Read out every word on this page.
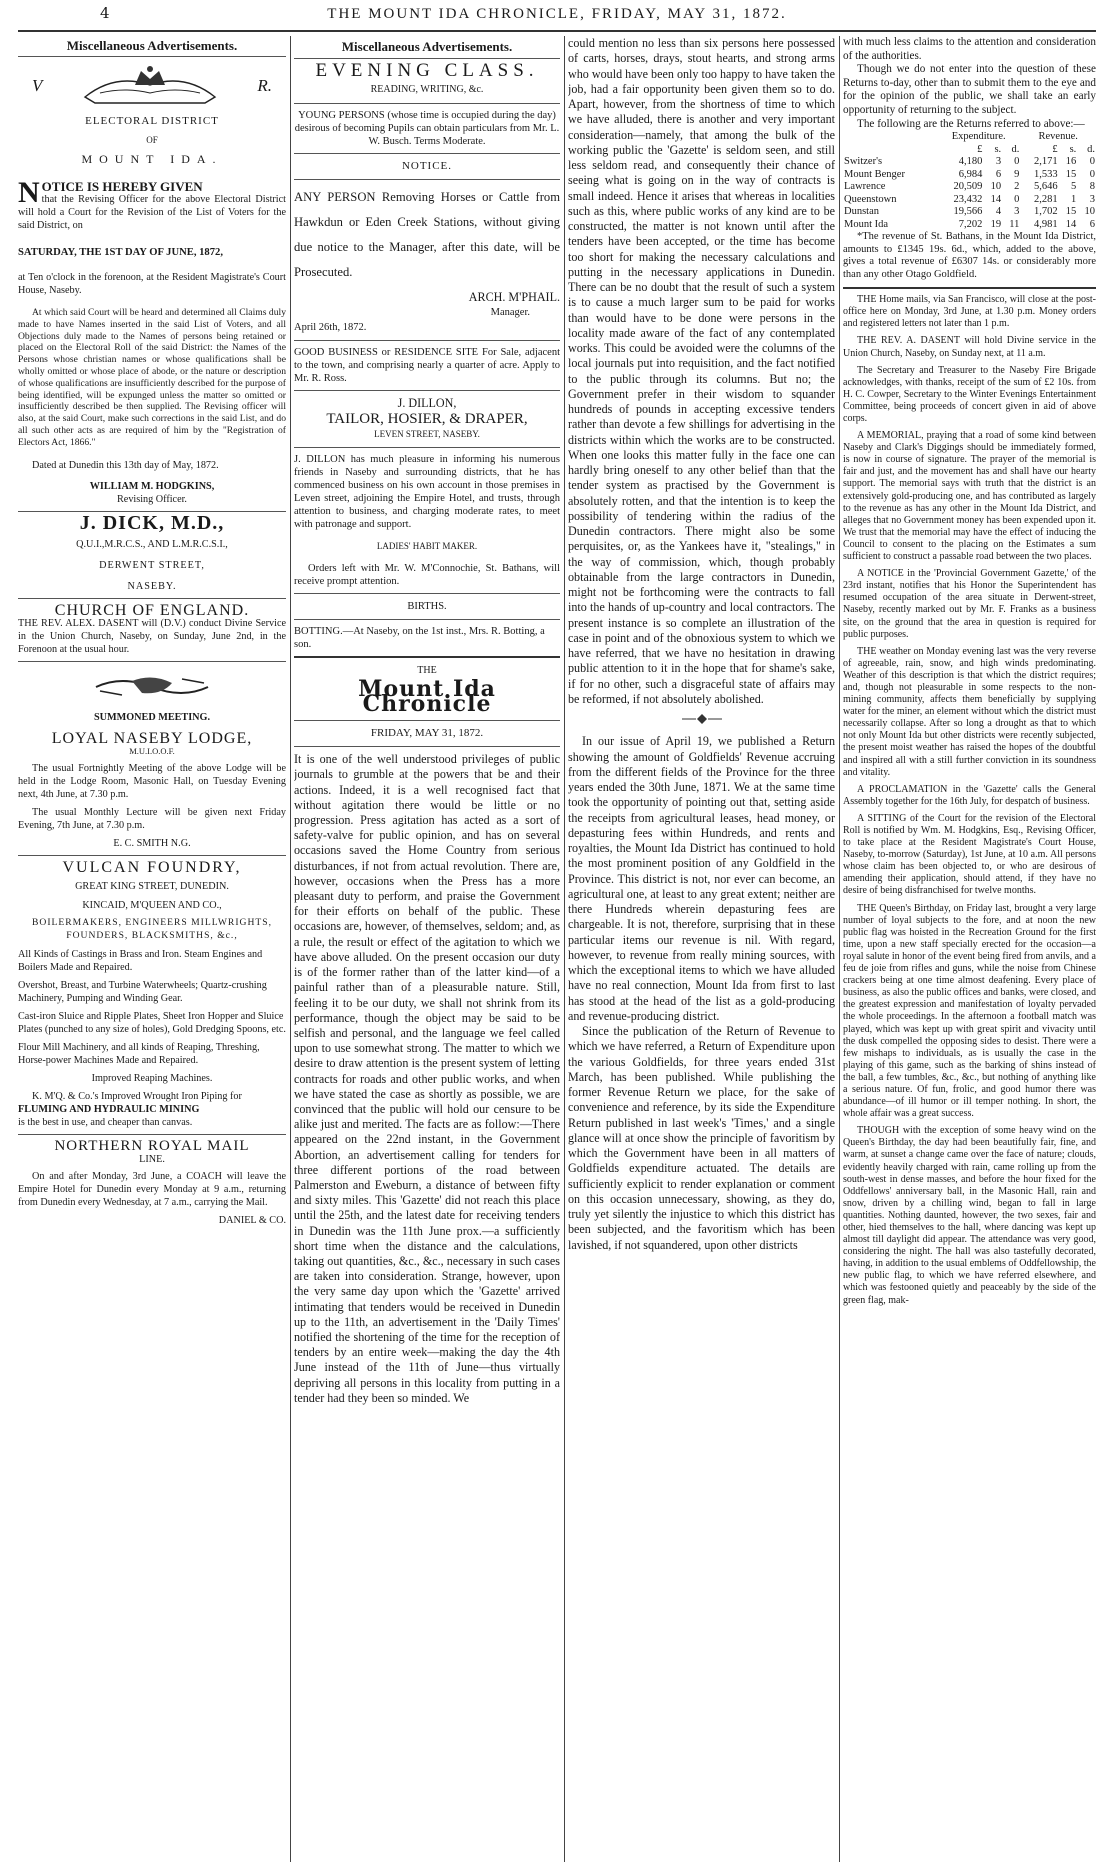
4	THE MOUNT IDA CHRONICLE, FRIDAY, MAY 31, 1872.
Miscellaneous Advertisements.
V	R.
ELECTORAL DISTRICT
OF
MOUNT IDA.
NOTICE IS HEREBY GIVEN

that the Revising Officer for the above Electoral District will hold a Court for the Revision of the List of Voters for the said District, on

SATURDAY, THE 1ST DAY OF JUNE, 1872,

at Ten o'clock in the forenoon, at the Resident Magistrate's Court House, Naseby.

At which said Court will be heard and determined all Claims duly made to have Names inserted in the said List of Voters, and all Objections duly made to the Names of persons being retained or placed on the Electoral Roll of the said District: the Names of the Persons whose christian names or whose qualifications shall be wholly omitted or whose place of abode, or the nature or description of whose qualifications are insufficiently described for the purpose of being identified, will be expunged unless the matter so omitted or insufficiently described be then supplied. The Revising officer will also, at the said Court, make such corrections in the said List, and do all such other acts as are required of him by the "Registration of Electors Act, 1866."

Dated at Dunedin this 13th day of May, 1872.

WILLIAM M. HODGKINS,

Revising Officer.

J. DICK, M.D.,
Q.U.I.,M.R.C.S., AND L.M.R.C.S.I.,
DERWENT STREET,
NASEBY.
CHURCH OF ENGLAND.

THE REV. ALEX. DASENT will (D.V.) conduct Divine Service in the Union Church, Naseby, on Sunday, June 2nd, in the Forenoon at the usual hour.

SUMMONED MEETING.
LOYAL NASEBY LODGE,
M.U.I.O.O.F.

The usual Fortnightly Meeting of the above Lodge will be held in the Lodge Room, Masonic Hall, on Tuesday Evening next, 4th June, at 7.30 p.m.

The usual Monthly Lecture will be given next Friday Evening, 7th June, at 7.30 p.m.

E. C. SMITH N.G.

VULCAN FOUNDRY,
GREAT KING STREET, DUNEDIN.
KINCAID, M'QUEEN AND CO.,
BOILERMAKERS, ENGINEERS MILLWRIGHTS, FOUNDERS, BLACKSMITHS, &c.,

All Kinds of Castings in Brass and Iron. Steam Engines and Boilers Made and Repaired.

Overshot, Breast, and Turbine Waterwheels; Quartz-crushing Machinery, Pumping and Winding Gear.

Cast-iron Sluice and Ripple Plates, Sheet Iron Hopper and Sluice Plates (punched to any size of holes), Gold Dredging Spoons, etc.

Flour Mill Machinery, and all kinds of Reaping, Threshing, Horse-power Machines Made and Repaired.

Improved Reaping Machines.

K. M'Q. & Co.'s Improved Wrought Iron Piping for

FLUMING AND HYDRAULIC MINING

is the best in use, and cheaper than canvas.

NORTHERN ROYAL MAIL
LINE.

On and after Monday, 3rd June, a COACH will leave the Empire Hotel for Dunedin every Monday at 9 a.m., returning from Dunedin every Wednesday, at 7 a.m., carrying the Mail.

DANIEL & CO.

Miscellaneous Advertisements.
EVENING CLASS.
READING, WRITING, &c.

YOUNG PERSONS (whose time is occupied during the day) desirous of becoming Pupils can obtain particulars from Mr. L. W. Busch. Terms Moderate.

NOTICE.

ANY PERSON Removing Horses or Cattle from Hawkdun or Eden Creek Stations, without giving due notice to the Manager, after this date, will be Prosecuted.

ARCH. M'PHAIL.

Manager.

April 26th, 1872.

GOOD BUSINESS or RESIDENCE SITE For Sale, adjacent to the town, and comprising nearly a quarter of acre. Apply to Mr. R. Ross.

J. DILLON,
TAILOR, HOSIER, & DRAPER,
LEVEN STREET, NASEBY.

J. DILLON has much pleasure in informing his numerous friends in Naseby and surrounding districts, that he has commenced business on his own account in those premises in Leven street, adjoining the Empire Hotel, and trusts, through attention to business, and charging moderate rates, to meet with patronage and support.

LADIES' HABIT MAKER.

Orders left with Mr. W. M'Connochie, St. Bathans, will receive prompt attention.

BIRTHS.

BOTTING.—At Naseby, on the 1st inst., Mrs. R. Botting, a son.

THE
Mount Ida Chronicle
FRIDAY, MAY 31, 1872.

It is one of the well understood privileges of public journals to grumble at the powers that be and their actions. Indeed, it is a well recognised fact that without agitation there would be little or no progression. Press agitation has acted as a sort of safety-valve for public opinion, and has on several occasions saved the Home Country from serious disturbances, if not from actual revolution. There are, however, occasions when the Press has a more pleasant duty to perform, and praise the Government for their efforts on behalf of the public. These occasions are, however, of themselves, seldom; and, as a rule, the result or effect of the agitation to which we have above alluded. On the present occasion our duty is of the former rather than of the latter kind—of a painful rather than of a pleasurable nature. Still, feeling it to be our duty, we shall not shrink from its performance, though the object may be said to be selfish and personal, and the language we feel called upon to use somewhat strong. The matter to which we desire to draw attention is the present system of letting contracts for roads and other public works, and when we have stated the case as shortly as possible, we are convinced that the public will hold our censure to be alike just and merited. The facts are as follow:—There appeared on the 22nd instant, in the Government Abortion, an advertisement calling for tenders for three different portions of the road between Palmerston and Eweburn, a distance of between fifty and sixty miles. This 'Gazette' did not reach this place until the 25th, and the latest date for receiving tenders in Dunedin was the 11th June prox.—a sufficiently short time when the distance and the calculations, taking out quantities, &c., &c., necessary in such cases are taken into consideration. Strange, however, upon the very same day upon which the 'Gazette' arrived intimating that tenders would be received in Dunedin up to the 11th, an advertisement in the 'Daily Times' notified the shortening of the time for the reception of tenders by an entire week—making the day the 4th June instead of the 11th of June—thus virtually depriving all persons in this locality from putting in a tender had they been so minded. We

could mention no less than six persons here possessed of carts, horses, drays, stout hearts, and strong arms who would have been only too happy to have taken the job, had a fair opportunity been given them so to do. Apart, however, from the shortness of time to which we have alluded, there is another and very important consideration—namely, that among the bulk of the working public the 'Gazette' is seldom seen, and still less seldom read, and consequently their chance of seeing what is going on in the way of contracts is small indeed. Hence it arises that whereas in localities such as this, where public works of any kind are to be constructed, the matter is not known until after the tenders have been accepted, or the time has become too short for making the necessary calculations and putting in the necessary applications in Dunedin. There can be no doubt that the result of such a system is to cause a much larger sum to be paid for works than would have to be done were persons in the locality made aware of the fact of any contemplated works. This could be avoided were the columns of the local journals put into requisition, and the fact notified to the public through its columns. But no; the Government prefer in their wisdom to squander hundreds of pounds in accepting excessive tenders rather than devote a few shillings for advertising in the districts within which the works are to be constructed. When one looks this matter fully in the face one can hardly bring oneself to any other belief than that the tender system as practised by the Government is absolutely rotten, and that the intention is to keep the possibility of tendering within the radius of the Dunedin contractors. There might also be some perquisites, or, as the Yankees have it, "stealings," in the way of commission, which, though probably obtainable from the large contractors in Dunedin, might not be forthcoming were the contracts to fall into the hands of up-country and local contractors. The present instance is so complete an illustration of the case in point and of the obnoxious system to which we have referred, that we have no hesitation in drawing public attention to it in the hope that for shame's sake, if for no other, such a disgraceful state of affairs may be reformed, if not absolutely abolished.

In our issue of April 19, we published a Return showing the amount of Goldfields' Revenue accruing from the different fields of the Province for the three years ended the 30th June, 1871. We at the same time took the opportunity of pointing out that, setting aside the receipts from agricultural leases, head money, or depasturing fees within Hundreds, and rents and royalties, the Mount Ida District has continued to hold the most prominent position of any Goldfield in the Province. This district is not, nor ever can become, an agricultural one, at least to any great extent; neither are there Hundreds wherein depasturing fees are chargeable. It is not, therefore, surprising that in these particular items our revenue is nil. With regard, however, to revenue from really mining sources, with which the exceptional items to which we have alluded have no real connection, Mount Ida from first to last has stood at the head of the list as a gold-producing and revenue-producing district.

Since the publication of the Return of Revenue to which we have referred, a Return of Expenditure upon the various Goldfields, for three years ended 31st March, has been published. While publishing the former Revenue Return we place, for the sake of convenience and reference, by its side the Expenditure Return published in last week's 'Times,' and a single glance will at once show the principle of favoritism by which the Government have been in all matters of Goldfields expenditure actuated. The details are sufficiently explicit to render explanation or comment on this occasion unnecessary, showing, as they do, truly yet silently the injustice to which this district has been subjected, and the favoritism which has been lavished, if not squandered, upon other districts

with much less claims to the attention and consideration of the authorities.

Though we do not enter into the question of these Returns to-day, other than to submit them to the eye and for the opinion of the public, we shall take an early opportunity of returning to the subject.

The following are the Returns referred to above:—

	Expenditure.			Revenue.		
	£	s.	d.	£	s.	d.
Switzer's	4,180	3	0	2,171	16	0
Mount Benger	6,984	6	9	1,533	15	0
Lawrence	20,509	10	2	5,646	5	8
Queenstown	23,432	14	0	2,281	1	3
Dunstan	19,566	4	3	1,702	15	10
Mount Ida	7,202	19	11	4,981	14	6

*The revenue of St. Bathans, in the Mount Ida District, amounts to £1345 19s. 6d., which, added to the above, gives a total revenue of £6307 14s. or considerably more than any other Otago Goldfield.

THE Home mails, via San Francisco, will close at the post-office here on Monday, 3rd June, at 1.30 p.m. Money orders and registered letters not later than 1 p.m.

THE REV. A. DASENT will hold Divine service in the Union Church, Naseby, on Sunday next, at 11 a.m.

The Secretary and Treasurer to the Naseby Fire Brigade acknowledges, with thanks, receipt of the sum of £2 10s. from H. C. Cowper, Secretary to the Winter Evenings Entertainment Committee, being proceeds of concert given in aid of above corps.

A MEMORIAL, praying that a road of some kind between Naseby and Clark's Diggings should be immediately formed, is now in course of signature. The prayer of the memorial is fair and just, and the movement has and shall have our hearty support. The memorial says with truth that the district is an extensively gold-producing one, and has contributed as largely to the revenue as has any other in the Mount Ida District, and alleges that no Government money has been expended upon it. We trust that the memorial may have the effect of inducing the Council to consent to the placing on the Estimates a sum sufficient to construct a passable road between the two places.

A NOTICE in the 'Provincial Government Gazette,' of the 23rd instant, notifies that his Honor the Superintendent has resumed occupation of the area situate in Derwent-street, Naseby, recently marked out by Mr. F. Franks as a business site, on the ground that the area in question is required for public purposes.

THE weather on Monday evening last was the very reverse of agreeable, rain, snow, and high winds predominating. Weather of this description is that which the district requires; and, though not pleasurable in some respects to the non-mining community, affects them beneficially by supplying water for the miner, an element without which the district must necessarily collapse. After so long a drought as that to which not only Mount Ida but other districts were recently subjected, the present moist weather has raised the hopes of the doubtful and inspired all with a still further conviction in its soundness and vitality.

A PROCLAMATION in the 'Gazette' calls the General Assembly together for the 16th July, for despatch of business.

A SITTING of the Court for the revision of the Electoral Roll is notified by Wm. M. Hodgkins, Esq., Revising Officer, to take place at the Resident Magistrate's Court House, Naseby, to-morrow (Saturday), 1st June, at 10 a.m. All persons whose claim has been objected to, or who are desirous of amending their application, should attend, if they have no desire of being disfranchised for twelve months.

THE Queen's Birthday, on Friday last, brought a very large number of loyal subjects to the fore, and at noon the new public flag was hoisted in the Recreation Ground for the first time, upon a new staff specially erected for the occasion—a royal salute in honor of the event being fired from anvils, and a feu de joie from rifles and guns, while the noise from Chinese crackers being at one time almost deafening. Every place of business, as also the public offices and banks, were closed, and the greatest expression and manifestation of loyalty pervaded the whole proceedings. In the afternoon a football match was played, which was kept up with great spirit and vivacity until the dusk compelled the opposing sides to desist. There were a few mishaps to individuals, as is usually the case in the playing of this game, such as the barking of shins instead of the ball, a few tumbles, &c., &c., but nothing of anything like a serious nature. Of fun, frolic, and good humor there was abundance—of ill humor or ill temper nothing. In short, the whole affair was a great success.

THOUGH with the exception of some heavy wind on the Queen's Birthday, the day had been beautifully fair, fine, and warm, at sunset a change came over the face of nature; clouds, evidently heavily charged with rain, came rolling up from the south-west in dense masses, and before the hour fixed for the Oddfellows' anniversary ball, in the Masonic Hall, rain and snow, driven by a chilling wind, began to fall in large quantities. Nothing daunted, however, the two sexes, fair and other, hied themselves to the hall, where dancing was kept up almost till daylight did appear. The attendance was very good, considering the night. The hall was also tastefully decorated, having, in addition to the usual emblems of Oddfellowship, the new public flag, to which we have referred elsewhere, and which was festooned quietly and peaceably by the side of the green flag, mak-
